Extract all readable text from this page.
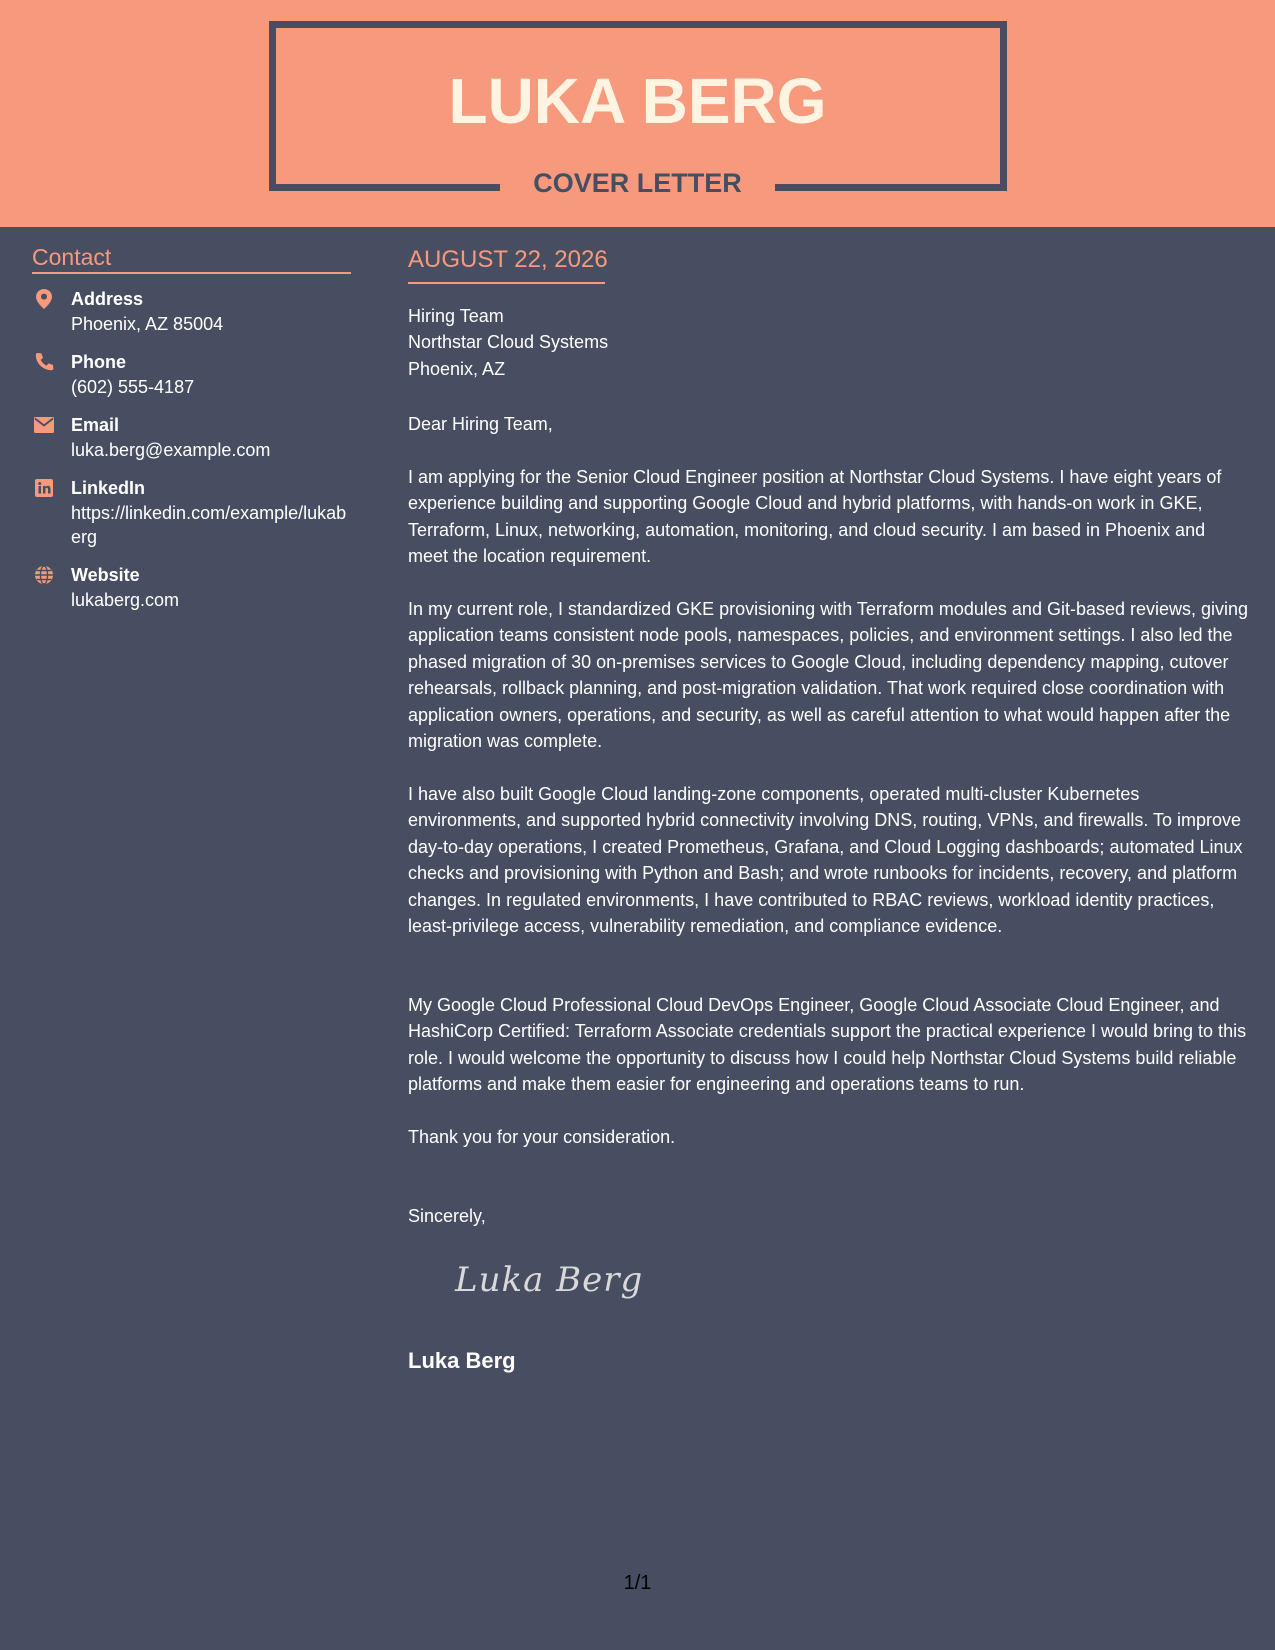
LUKA BERG
COVER LETTER
Contact
Address
Phoenix, AZ 85004
Phone
(602) 555-4187
Email
luka.berg@example.com
LinkedIn
https://linkedin.com/example/lukaberg
Website
lukaberg.com
AUGUST 22, 2026
Hiring Team
Northstar Cloud Systems
Phoenix, AZ
Dear Hiring Team,
I am applying for the Senior Cloud Engineer position at Northstar Cloud Systems. I have eight years of experience building and supporting Google Cloud and hybrid platforms, with hands-on work in GKE, Terraform, Linux, networking, automation, monitoring, and cloud security. I am based in Phoenix and meet the location requirement.
In my current role, I standardized GKE provisioning with Terraform modules and Git-based reviews, giving application teams consistent node pools, namespaces, policies, and environment settings. I also led the phased migration of 30 on-premises services to Google Cloud, including dependency mapping, cutover rehearsals, rollback planning, and post-migration validation. That work required close coordination with application owners, operations, and security, as well as careful attention to what would happen after the migration was complete.
I have also built Google Cloud landing-zone components, operated multi-cluster Kubernetes environments, and supported hybrid connectivity involving DNS, routing, VPNs, and firewalls. To improve day-to-day operations, I created Prometheus, Grafana, and Cloud Logging dashboards; automated Linux checks and provisioning with Python and Bash; and wrote runbooks for incidents, recovery, and platform changes. In regulated environments, I have contributed to RBAC reviews, workload identity practices, least-privilege access, vulnerability remediation, and compliance evidence.
My Google Cloud Professional Cloud DevOps Engineer, Google Cloud Associate Cloud Engineer, and HashiCorp Certified: Terraform Associate credentials support the practical experience I would bring to this role. I would welcome the opportunity to discuss how I could help Northstar Cloud Systems build reliable platforms and make them easier for engineering and operations teams to run.
Thank you for your consideration.
Sincerely,
Luka Berg
Luka Berg
1/1
